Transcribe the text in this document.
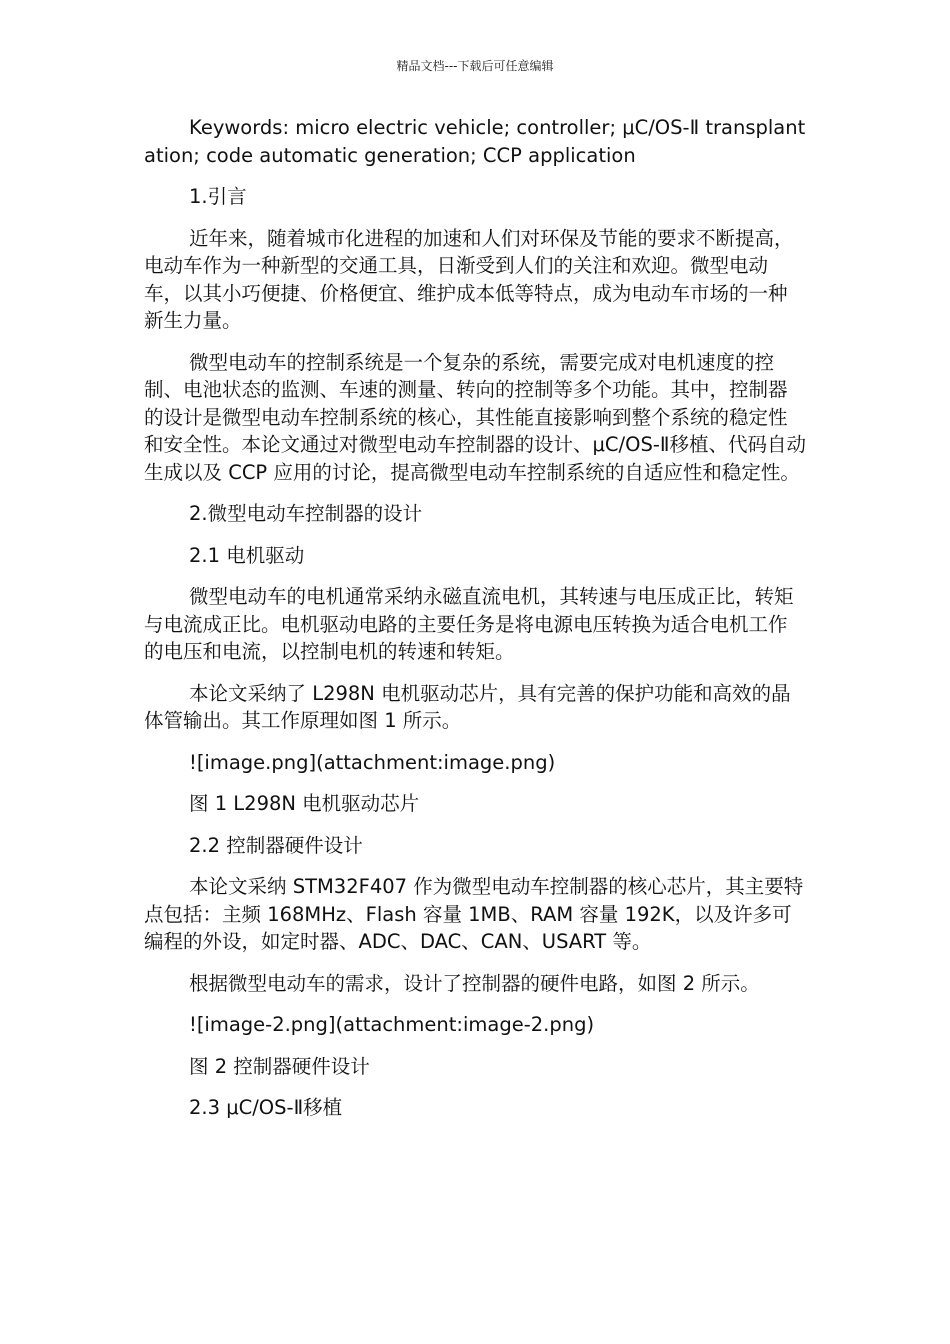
精品文档---下载后可任意编辑

Keywords: micro electric vehicle; controller; μC/OS-Ⅱ transplantation; code automatic generation; CCP application

1.引言

近年来，随着城市化进程的加速和人们对环保及节能的要求不断提高，电动车作为一种新型的交通工具，日渐受到人们的关注和欢迎。微型电动车，以其小巧便捷、价格便宜、维护成本低等特点，成为电动车市场的一种新生力量。

微型电动车的控制系统是一个复杂的系统，需要完成对电机速度的控制、电池状态的监测、车速的测量、转向的控制等多个功能。其中，控制器的设计是微型电动车控制系统的核心，其性能直接影响到整个系统的稳定性和安全性。本论文通过对微型电动车控制器的设计、μC/OS-Ⅱ移植、代码自动生成以及 CCP 应用的讨论，提高微型电动车控制系统的自适应性和稳定性。

2.微型电动车控制器的设计

2.1 电机驱动

微型电动车的电机通常采纳永磁直流电机，其转速与电压成正比，转矩与电流成正比。电机驱动电路的主要任务是将电源电压转换为适合电机工作的电压和电流，以控制电机的转速和转矩。

本论文采纳了 L298N 电机驱动芯片，具有完善的保护功能和高效的晶体管输出。其工作原理如图 1 所示。

![image.png](attachment:image.png)

图 1 L298N 电机驱动芯片

2.2 控制器硬件设计

本论文采纳 STM32F407 作为微型电动车控制器的核心芯片，其主要特点包括：主频 168MHz、Flash 容量 1MB、RAM 容量 192K，以及许多可编程的外设，如定时器、ADC、DAC、CAN、USART 等。

根据微型电动车的需求，设计了控制器的硬件电路，如图 2 所示。

![image-2.png](attachment:image-2.png)

图 2 控制器硬件设计

2.3 μC/OS-Ⅱ移植
